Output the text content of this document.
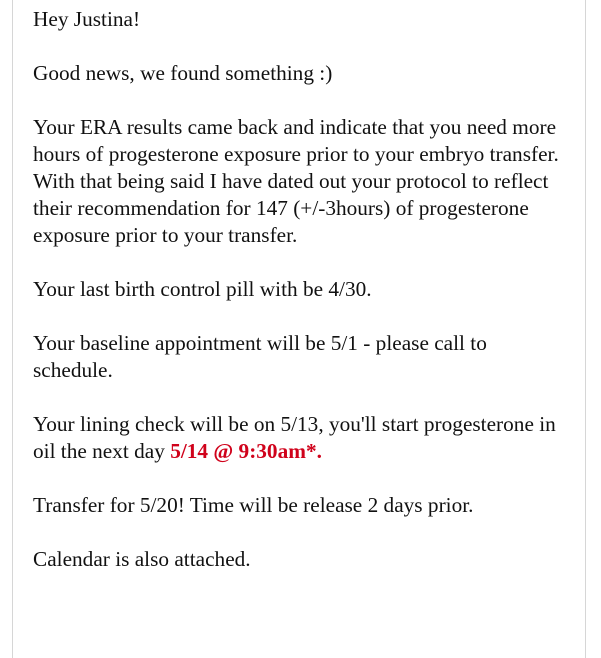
Hey Justina!

Good news, we found something :)

Your ERA results came back and indicate that you need more hours of progesterone exposure prior to your embryo transfer. With that being said I have dated out your protocol to reflect their recommendation for 147 (+/-3hours) of progesterone exposure prior to your transfer.

Your last birth control pill with be 4/30.

Your baseline appointment will be 5/1 - please call to schedule.

Your lining check will be on 5/13, you'll start progesterone in oil the next day 5/14 @ 9:30am*.

Transfer for 5/20! Time will be release 2 days prior.

Calendar is also attached.
